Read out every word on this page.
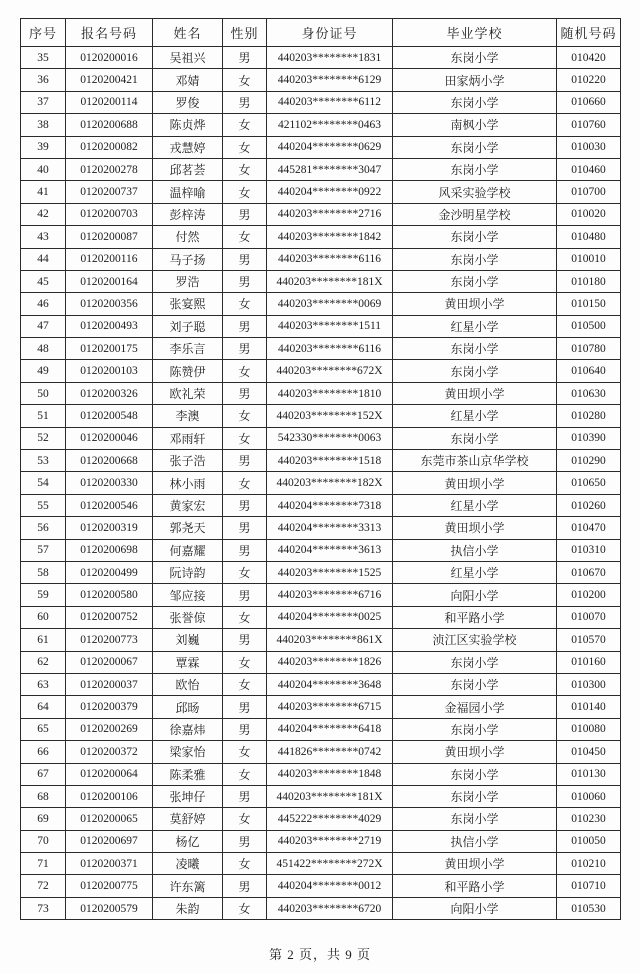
序号	报名号码	姓名	性别	身份证号	毕业学校	随机号码
35	0120200016	吴祖兴	男	440203********1831	东岗小学	010420
36	0120200421	邓婧	女	440203********6129	田家炳小学	010220
37	0120200114	罗俊	男	440203********6112	东岗小学	010660
38	0120200688	陈贞烨	女	421102********0463	南枫小学	010760
39	0120200082	戎慧婷	女	440204********0629	东岗小学	010030
40	0120200278	邱茗荟	女	445281********3047	东岗小学	010460
41	0120200737	温梓喻	女	440204********0922	风采实验学校	010700
42	0120200703	彭梓涛	男	440203********2716	金沙明星学校	010020
43	0120200087	付然	女	440203********1842	东岗小学	010480
44	0120200116	马子扬	男	440203********6116	东岗小学	010010
45	0120200164	罗浩	男	440203********181X	东岗小学	010180
46	0120200356	张宴熙	女	440203********0069	黄田坝小学	010150
47	0120200493	刘子聪	男	440203********1511	红星小学	010500
48	0120200175	李乐言	男	440203********6116	东岗小学	010780
49	0120200103	陈赞伊	女	440203********672X	东岗小学	010640
50	0120200326	欧礼荣	男	440203********1810	黄田坝小学	010630
51	0120200548	李澳	女	440203********152X	红星小学	010280
52	0120200046	邓雨轩	女	542330********0063	东岗小学	010390
53	0120200668	张子浩	男	440203********1518	东莞市茶山京华学校	010290
54	0120200330	林小雨	女	440203********182X	黄田坝小学	010650
55	0120200546	黄家宏	男	440204********7318	红星小学	010260
56	0120200319	郭尧天	男	440204********3313	黄田坝小学	010470
57	0120200698	何嘉耀	男	440204********3613	执信小学	010310
58	0120200499	阮诗韵	女	440203********1525	红星小学	010670
59	0120200580	邹应接	男	440203********6716	向阳小学	010200
60	0120200752	张誉倞	女	440204********0025	和平路小学	010070
61	0120200773	刘巍	男	440203********861X	浈江区实验学校	010570
62	0120200067	覃霖	女	440203********1826	东岗小学	010160
63	0120200037	欧怡	女	440204********3648	东岗小学	010300
64	0120200379	邱旸	男	440203********6715	金福园小学	010140
65	0120200269	徐嘉炜	男	440204********6418	东岗小学	010080
66	0120200372	梁家怡	女	441826********0742	黄田坝小学	010450
67	0120200064	陈柔雅	女	440203********1848	东岗小学	010130
68	0120200106	张坤仔	男	440203********181X	东岗小学	010060
69	0120200065	莫舒婷	女	445222********4029	东岗小学	010230
70	0120200697	杨亿	男	440203********2719	执信小学	010050
71	0120200371	凌曦	女	451422********272X	黄田坝小学	010210
72	0120200775	许东篱	男	440204********0012	和平路小学	010710
73	0120200579	朱韵	女	440203********6720	向阳小学	010530
第 2 页，共 9 页
